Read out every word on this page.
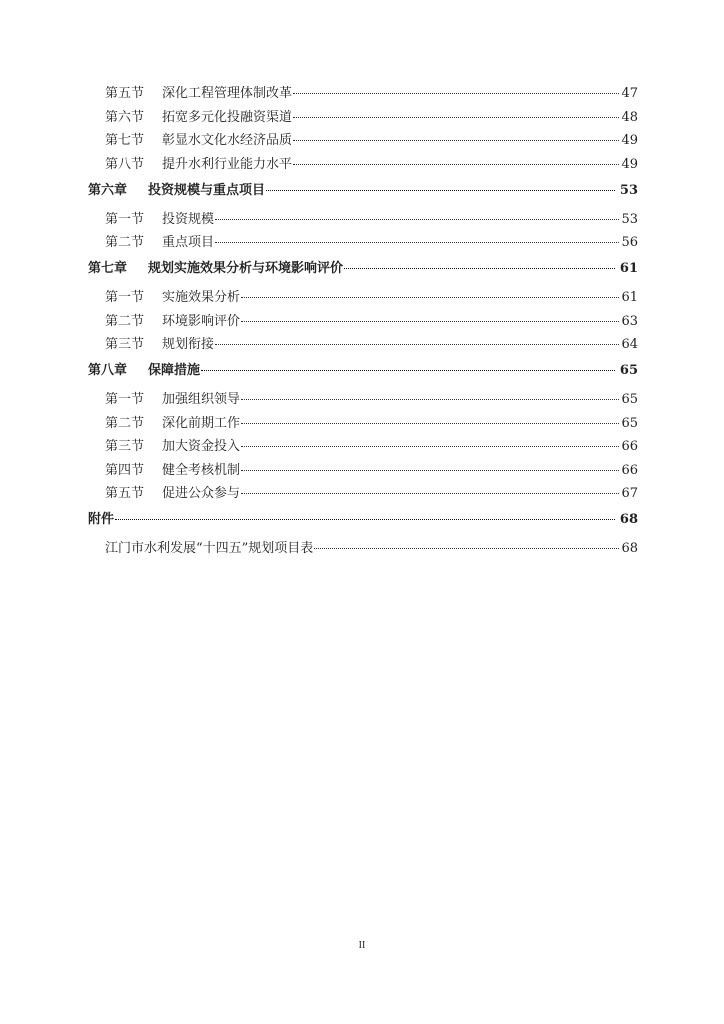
第五节	深化工程管理体制改革	47
第六节	拓宽多元化投融资渠道	48
第七节	彰显水文化水经济品质	49
第八节	提升水利行业能力水平	49
第六章	投资规模与重点项目	53
第一节	投资规模	53
第二节	重点项目	56
第七章	规划实施效果分析与环境影响评价	61
第一节	实施效果分析	61
第二节	环境影响评价	63
第三节	规划衔接	64
第八章	保障措施	65
第一节	加强组织领导	65
第二节	深化前期工作	65
第三节	加大资金投入	66
第四节	健全考核机制	66
第五节	促进公众参与	67
附件	68
江门市水利发展“十四五”规划项目表	68
II
